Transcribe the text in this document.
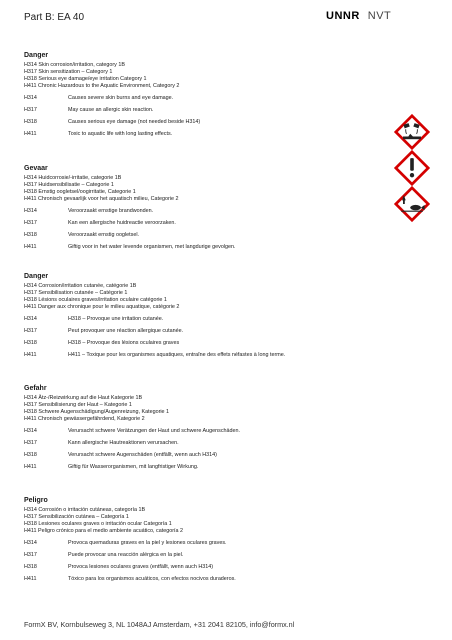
Part B: EA 40	UNNR NVT
Danger
H314 Skin corrosion/irritation, category 1B
H317 Skin sensitization – Category 1
H318 Serious eye damage/eye irritation Category 1
H411 Chronic Hazardous to the Aquatic Environment, Category 2
H314	Causes severe skin burns and eye damage.
H317	May cause an allergic skin reaction.
H318	Causes serious eye damage (not needed beside H314)
H411	Toxic to aquatic life with long lasting effects.
Gevaar
H314 Huidcorrosie/-irritatie, categorie 1B
H317 Huidsensibilisatie – Categorie 1
H318 Ernstig oogletsel/oogirritatie, Categorie 1
H411 Chronisch gevaarlijk voor het aquatisch milieu, Categorie 2
H314	Veroorzaakt ernstige brandwonden.
H317	Kan een allergische huidreactie veroorzaken.
H318	Veroorzaakt ernstig oogletsel.
H411	Giftig voor in het water levende organismen, met langdurige gevolgen.
Danger
H314 Corrosion/irritation cutanée, catégorie 1B
H317 Sensibilisation cutanée – Catégorie 1
H318 Lésions oculaires graves/irritation oculaire catégorie 1
H411 Danger aux chronique pour le milieu aquatique, catégorie 2
H314	H318 – Provoque une irritation cutanée.
H317	Peut provoquer une réaction allergique cutanée.
H318	H318 – Provoque des lésions oculaires graves
H411	H411 – Toxique pour les organismes aquatiques, entraîne des effets néfastes à long terme.
Gefahr
H314 Ätz-/Reizwirkung auf die Haut Kategorie 1B
H317 Sensibilisierung der Haut – Kategorie 1
H318 Schwere Augenschädigung/Augenreizung, Kategorie 1
H411 Chronisch gewässergefährdend, Kategorie 2
H314	Verursacht schwere Verätzungen der Haut und schwere Augenschäden.
H317	Kann allergische Hautreaktionen verursachen.
H318	Verursacht schwere Augenschäden (entfällt, wenn auch H314)
H411	Giftig für Wasserorganismen, mit langfristiger Wirkung.
Peligro
H314 Corrosión o irritación cutáneas, categoría 1B
H317 Sensibilización cutánea – Categoría 1
H318 Lesiones oculares graves o irritación ocular Categoría 1
H411 Peligro crónico para el medio ambiente acuático, categoría 2
H314	Provoca quemaduras graves en la piel y lesiones oculares graves.
H317	Puede provocar una reacción alérgica en la piel.
H318	Provoca lesiones oculares graves (entfällt, wenn auch H314)
H411	Tóxico para los organismos acuáticos, con efectos nocivos duraderos.
FormX BV, Kornbulseweg 3, NL 1048AJ Amsterdam, +31 2041 82105, info@formx.nl
